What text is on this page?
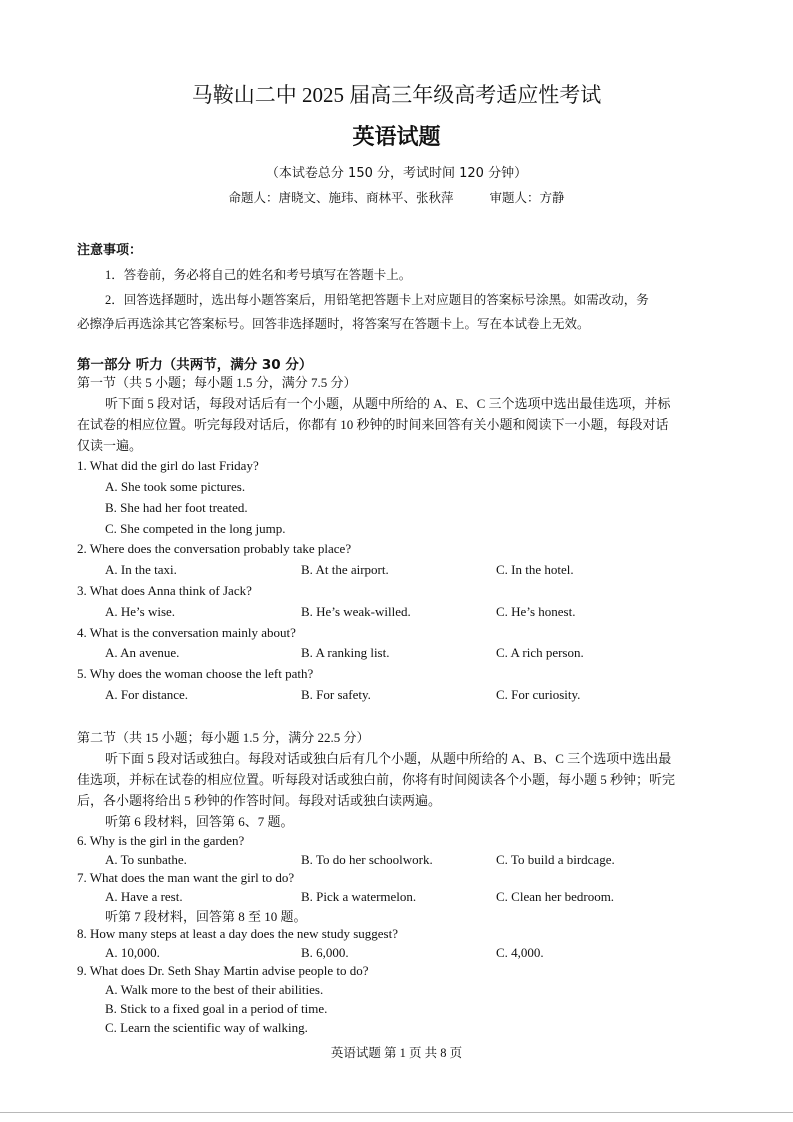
马鞍山二中 2025 届高三年级高考适应性考试
英语试题
（本试卷总分 150 分，考试时间 120 分钟）
命题人：唐晓文、施玮、商林平、张秋萍	审题人：方静
注意事项：
1．答卷前，务必将自己的姓名和考号填写在答题卡上。
2．回答选择题时，选出每小题答案后，用铅笔把答题卡上对应题目的答案标号涂黑。如需改动，务
必擦净后再选涂其它答案标号。回答非选择题时，将答案写在答题卡上。写在本试卷上无效。
第一部分 听力（共两节，满分 30 分）
第一节（共 5 小题；每小题 1.5 分，满分 7.5 分）
听下面 5 段对话，每段对话后有一个小题，从题中所给的 A、E、C 三个选项中选出最佳选项，并标
在试卷的相应位置。听完每段对话后，你都有 10 秒钟的时间来回答有关小题和阅读下一小题，每段对话
仅读一遍。
1. What did the girl do last Friday?
A. She took some pictures.
B. She had her foot treated.
C. She competed in the long jump.
2. Where does the conversation probably take place?
A. In the taxi.	B. At the airport.	C. In the hotel.
3. What does Anna think of Jack?
A. He’s wise.	B. He’s weak-willed.	C. He’s honest.
4. What is the conversation mainly about?
A. An avenue.	B. A ranking list.	C. A rich person.
5. Why does the woman choose the left path?
A. For distance.	B. For safety.	C. For curiosity.
第二节（共 15 小题；每小题 1.5 分，满分 22.5 分）
听下面 5 段对话或独白。每段对话或独白后有几个小题，从题中所给的 A、B、C 三个选项中选出最
佳选项，并标在试卷的相应位置。听每段对话或独白前，你将有时间阅读各个小题，每小题 5 秒钟；听完
后，各小题将给出 5 秒钟的作答时间。每段对话或独白读两遍。
听第 6 段材料，回答第 6、7 题。
6. Why is the girl in the garden?
A. To sunbathe.	B. To do her schoolwork.	C. To build a birdcage.
7. What does the man want the girl to do?
A. Have a rest.	B. Pick a watermelon.	C. Clean her bedroom.
听第 7 段材料，回答第 8 至 10 题。
8. How many steps at least a day does the new study suggest?
A. 10,000.	B. 6,000.	C. 4,000.
9. What does Dr. Seth Shay Martin advise people to do?
A. Walk more to the best of their abilities.
B. Stick to a fixed goal in a period of time.
C. Learn the scientific way of walking.
英语试题 第 1 页 共 8 页
